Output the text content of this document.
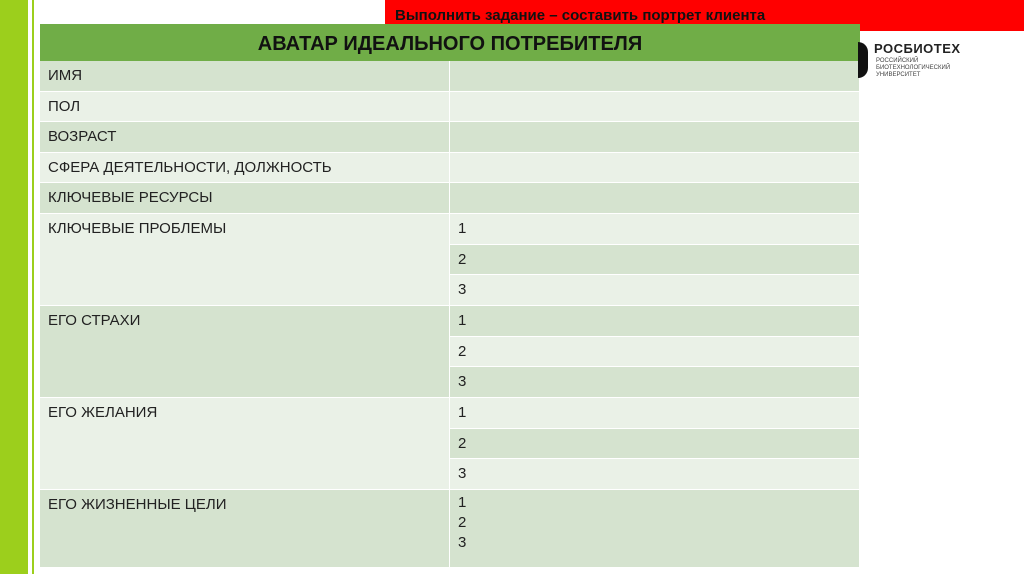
Выполнить задание – составить портрет клиента
АВАТАР ИДЕАЛЬНОГО ПОТРЕБИТЕЛЯ
ИМЯ
ПОЛ
ВОЗРАСТ
СФЕРА ДЕЯТЕЛЬНОСТИ, ДОЛЖНОСТЬ
КЛЮЧЕВЫЕ РЕСУРСЫ
КЛЮЧЕВЫЕ ПРОБЛЕМЫ	1
2
3
ЕГО СТРАХИ	1
2
3
ЕГО ЖЕЛАНИЯ	1
2
3
ЕГО ЖИЗНЕННЫЕ ЦЕЛИ	1
2
3
РОСБИОТЕХ
РОССИЙСКИЙ
БИОТЕХНОЛОГИЧЕСКИЙ
УНИВЕРСИТЕТ
